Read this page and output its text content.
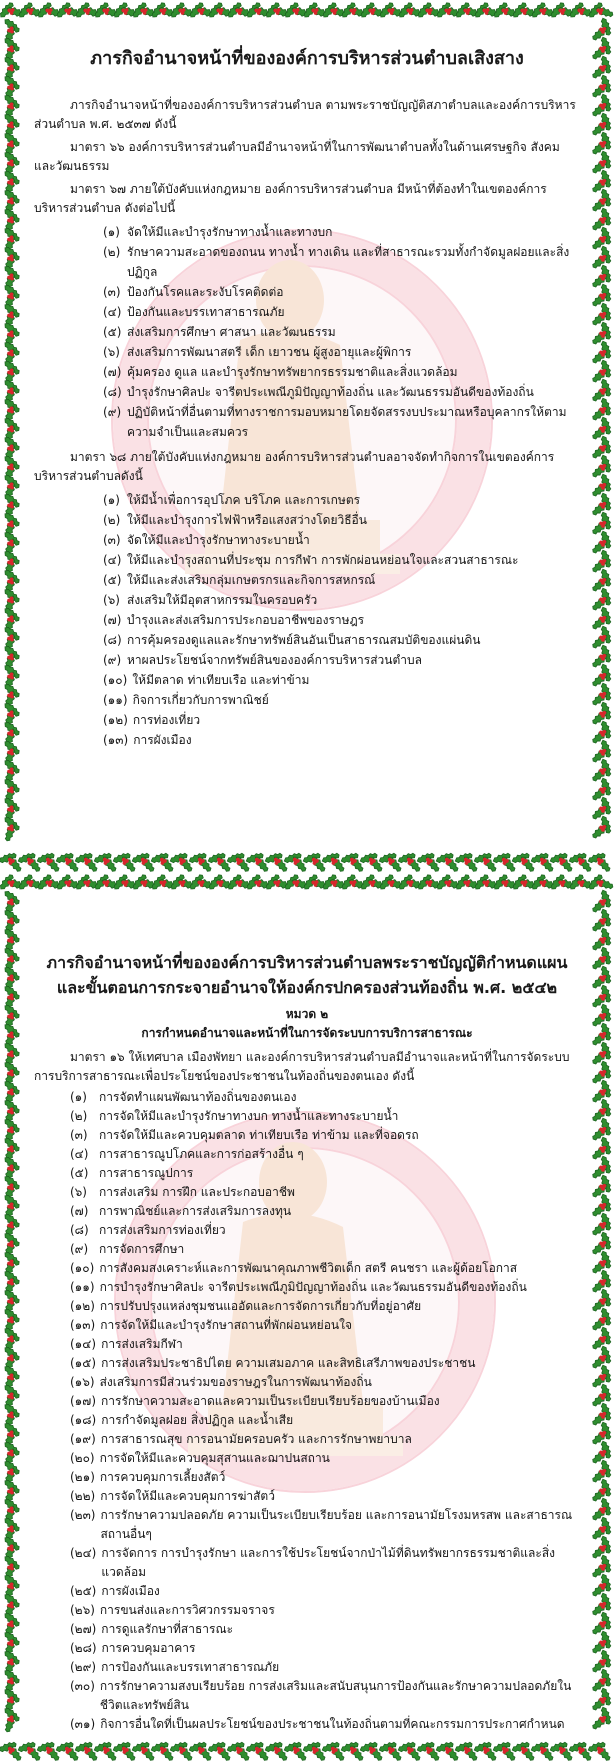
ภารกิจอำนาจหน้าที่ขององค์การบริหารส่วนตำบลเสิงสาง

ภารกิจอำนาจหน้าที่ขององค์การบริหารส่วนตำบล ตามพระราชบัญญัติสภาตำบลและองค์การบริหารส่วนตำบล พ.ศ. ๒๕๓๗ ดังนี้

มาตรา ๖๖ องค์การบริหารส่วนตำบลมีอำนาจหน้าที่ในการพัฒนาตำบลทั้งในด้านเศรษฐกิจ สังคมและวัฒนธรรม

มาตรา ๖๗ ภายใต้บังคับแห่งกฎหมาย องค์การบริหารส่วนตำบล มีหน้าที่ต้องทำในเขตองค์การบริหารส่วนตำบล ดังต่อไปนี้

(๑) จัดให้มีและบำรุงรักษาทางน้ำและทางบก
(๒) รักษาความสะอาดของถนน ทางน้ำ ทางเดิน และที่สาธารณะรวมทั้งกำจัดมูลฝอยและสิ่งปฏิกูล
(๓) ป้องกันโรคและระงับโรคติดต่อ
(๔) ป้องกันและบรรเทาสาธารณภัย
(๕) ส่งเสริมการศึกษา ศาสนา และวัฒนธรรม
(๖) ส่งเสริมการพัฒนาสตรี เด็ก เยาวชน ผู้สูงอายุและผู้พิการ
(๗) คุ้มครอง ดูแล และบำรุงรักษาทรัพยากรธรรมชาติและสิ่งแวดล้อม
(๘) บำรุงรักษาศิลปะ จารีตประเพณีภูมิปัญญาท้องถิ่น และวัฒนธรรมอันดีของท้องถิ่น
(๙) ปฏิบัติหน้าที่อื่นตามที่ทางราชการมอบหมายโดยจัดสรรงบประมาณหรือบุคลากรให้ตามความจำเป็นและสมควร

มาตรา ๖๘ ภายใต้บังคับแห่งกฎหมาย องค์การบริหารส่วนตำบลอาจจัดทำกิจการในเขตองค์การบริหารส่วนตำบลดังนี้

(๑) ให้มีน้ำเพื่อการอุปโภค บริโภค และการเกษตร
(๒) ให้มีและบำรุงการไฟฟ้าหรือแสงสว่างโดยวิธีอื่น
(๓) จัดให้มีและบำรุงรักษาทางระบายน้ำ
(๔) ให้มีและบำรุงสถานที่ประชุม การกีฬา การพักผ่อนหย่อนใจและสวนสาธารณะ
(๕) ให้มีและส่งเสริมกลุ่มเกษตรกรและกิจการสหกรณ์
(๖) ส่งเสริมให้มีอุตสาหกรรมในครอบครัว
(๗) บำรุงและส่งเสริมการประกอบอาชีพของราษฎร
(๘) การคุ้มครองดูแลและรักษาทรัพย์สินอันเป็นสาธารณสมบัติของแผ่นดิน
(๙) หาผลประโยชน์จากทรัพย์สินขององค์การบริหารส่วนตำบล
(๑๐) ให้มีตลาด ท่าเทียบเรือ และท่าข้าม
(๑๑) กิจการเกี่ยวกับการพาณิชย์
(๑๒) การท่องเที่ยว
(๑๓) การผังเมือง
ภารกิจอำนาจหน้าที่ขององค์การบริหารส่วนตำบลพระราชบัญญัติกำหนดแผน
และขั้นตอนการกระจายอำนาจให้องค์กรปกครองส่วนท้องถิ่น พ.ศ. ๒๕๔๒
หมวด ๒
การกำหนดอำนาจและหน้าที่ในการจัดระบบการบริการสาธารณะ

มาตรา ๑๖ ให้เทศบาล เมืองพัทยา และองค์การบริหารส่วนตำบลมีอำนาจและหน้าที่ในการจัดระบบการบริการสาธารณะเพื่อประโยชน์ของประชาชนในท้องถิ่นของตนเอง ดังนี้

(๑)	การจัดทำแผนพัฒนาท้องถิ่นของตนเอง
(๒) การจัดให้มีและบำรุงรักษาทางบก ทางน้ำและทางระบายน้ำ
(๓) การจัดให้มีและควบคุมตลาด ท่าเทียบเรือ ท่าข้าม และที่จอดรถ
(๔) การสาธารณูปโภคและการก่อสร้างอื่น ๆ
(๕) การสาธารณูปการ
(๖)	การส่งเสริม การฝึก และประกอบอาชีพ
(๗) การพาณิชย์และการส่งเสริมการลงทุน
(๘) การส่งเสริมการท่องเที่ยว
(๙) การจัดการศึกษา
(๑๐) การสังคมสงเคราะห์และการพัฒนาคุณภาพชีวิตเด็ก สตรี คนชรา และผู้ด้อยโอกาส
(๑๑) การบำรุงรักษาศิลปะ จารีตประเพณีภูมิปัญญาท้องถิ่น และวัฒนธรรมอันดีของท้องถิ่น
(๑๒) การปรับปรุงแหล่งชุมชนแออัดและการจัดการเกี่ยวกับที่อยู่อาศัย
(๑๓) การจัดให้มีและบำรุงรักษาสถานที่พักผ่อนหย่อนใจ
(๑๔) การส่งเสริมกีฬา
(๑๕) การส่งเสริมประชาธิปไตย ความเสมอภาค และสิทธิเสรีภาพของประชาชน
(๑๖) ส่งเสริมการมีส่วนร่วมของราษฎรในการพัฒนาท้องถิ่น
(๑๗) การรักษาความสะอาดและความเป็นระเบียบเรียบร้อยของบ้านเมือง
(๑๘) การกำจัดมูลฝอย สิ่งปฏิกูล และน้ำเสีย
(๑๙) การสาธารณสุข การอนามัยครอบครัว และการรักษาพยาบาล
(๒๐) การจัดให้มีและควบคุมสุสานและฌาปนสถาน
(๒๑) การควบคุมการเลี้ยงสัตว์
(๒๒) การจัดให้มีและควบคุมการฆ่าสัตว์
(๒๓) การรักษาความปลอดภัย ความเป็นระเบียบเรียบร้อย และการอนามัยโรงมหรสพ และสาธารณสถานอื่นๆ
(๒๔) การจัดการ การบำรุงรักษา และการใช้ประโยชน์จากป่าไม้ที่ดินทรัพยากรธรรมชาติและสิ่งแวดล้อม
(๒๕) การผังเมือง
(๒๖) การขนส่งและการวิศวกรรมจราจร
(๒๗) การดูแลรักษาที่สาธารณะ
(๒๘) การควบคุมอาคาร
(๒๙) การป้องกันและบรรเทาสาธารณภัย
(๓๐) การรักษาความสงบเรียบร้อย การส่งเสริมและสนับสนุนการป้องกันและรักษาความปลอดภัยในชีวิตและทรัพย์สิน
(๓๑) กิจการอื่นใดที่เป็นผลประโยชน์ของประชาชนในท้องถิ่นตามที่คณะกรรมการประกาศกำหนด
